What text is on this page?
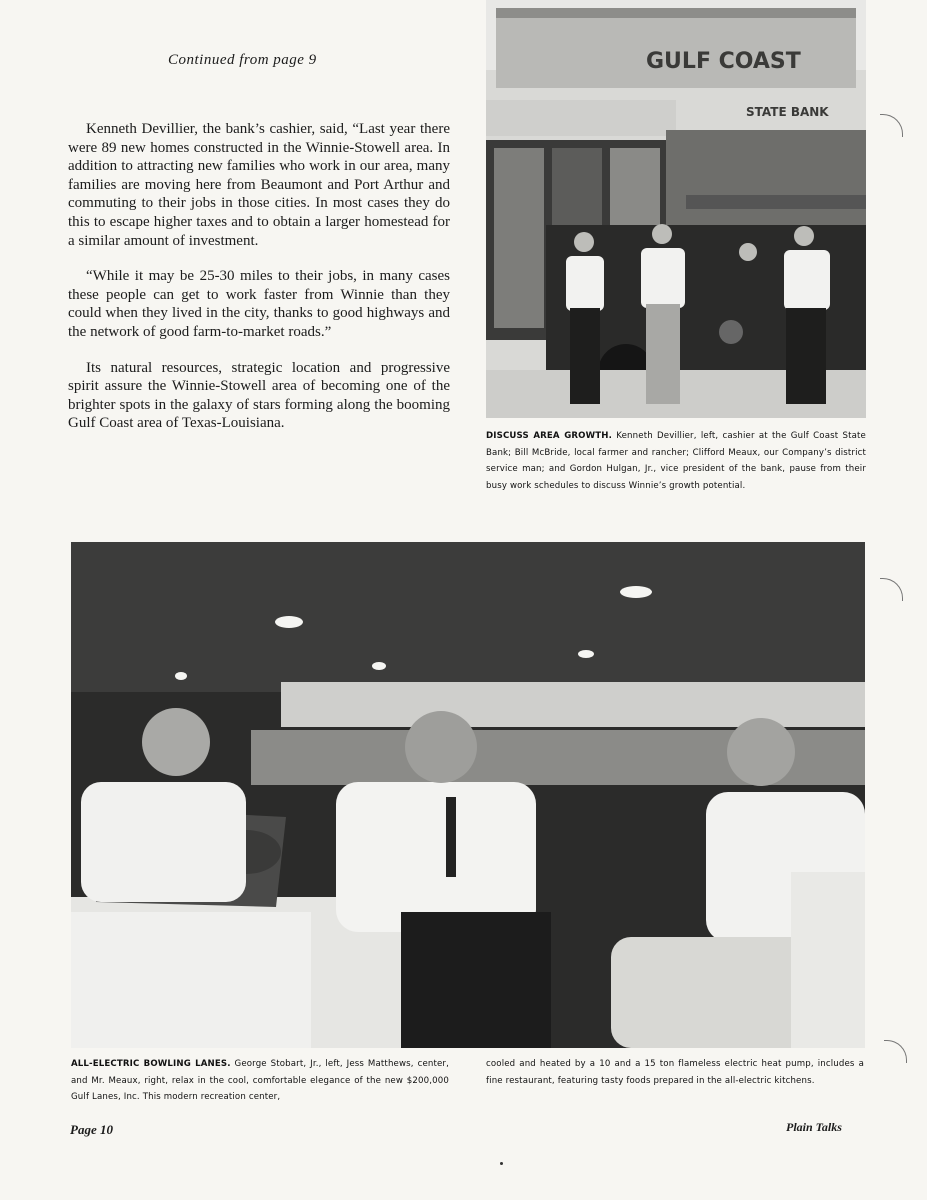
Continued from page 9

Kenneth Devillier, the bank’s cashier, said, “Last year there were 89 new homes constructed in the Winnie-Stowell area. In addition to attracting new families who work in our area, many families are moving here from Beaumont and Port Arthur and commuting to their jobs in those cities. In most cases they do this to escape higher taxes and to obtain a larger homestead for a similar amount of investment.

“While it may be 25-30 miles to their jobs, in many cases these people can get to work faster from Winnie than they could when they lived in the city, thanks to good highways and the network of good farm-to-market roads.”

Its natural resources, strategic location and progressive spirit assure the Winnie-Stowell area of becoming one of the brighter spots in the galaxy of stars forming along the booming Gulf Coast area of Texas-Louisiana.

GULF COAST
STATE BANK
DISCUSS AREA GROWTH. Kenneth Devillier, left, cashier at the Gulf Coast State Bank; Bill McBride, local farmer and rancher; Clifford Meaux, our Company’s district service man; and Gordon Hulgan, Jr., vice president of the bank, pause from their busy work schedules to discuss Winnie’s growth potential.
ALL-ELECTRIC BOWLING LANES. George Stobart, Jr., left, Jess Matthews, center, and Mr. Meaux, right, relax in the cool, comfortable elegance of the new $200,000 Gulf Lanes, Inc. This modern recreation center,
cooled and heated by a 10 and a 15 ton flameless electric heat pump, includes a fine restaurant, featuring tasty foods prepared in the all-electric kitchens.
Page 10	Plain Talks
